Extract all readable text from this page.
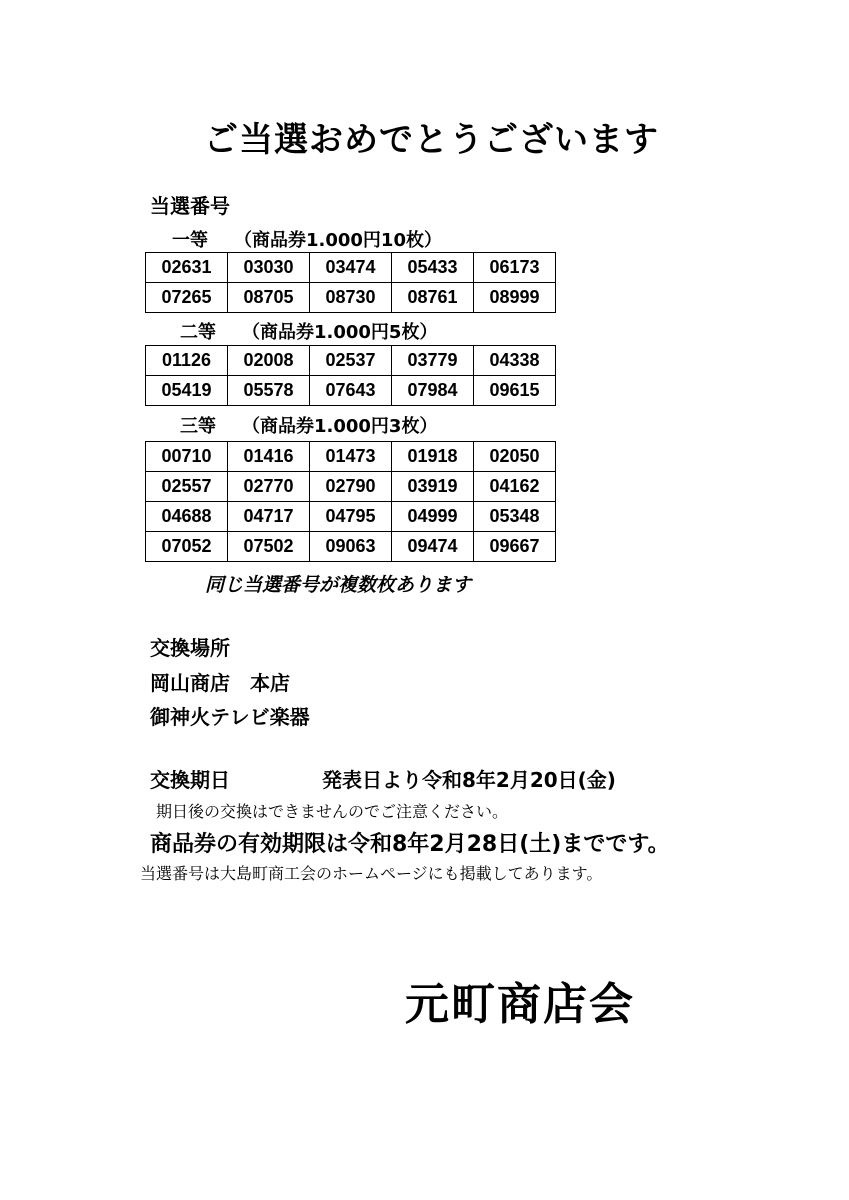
ご当選おめでとうございます
当選番号
一等 （商品券1.000円10枚）
02631	03030	03474	05433	06173
07265	08705	08730	08761	08999
二等 （商品券1.000円5枚）
01126	02008	02537	03779	04338
05419	05578	07643	07984	09615
三等 （商品券1.000円3枚）
00710	01416	01473	01918	02050
02557	02770	02790	03919	04162
04688	04717	04795	04999	05348
07052	07502	09063	09474	09667
同じ当選番号が複数枚あります
交換場所
岡山商店　本店
御神火テレビ楽器
交換期日	発表日より令和8年2月20日(金)
期日後の交換はできませんのでご注意ください。
商品券の有効期限は令和8年2月28日(土)までです。
当選番号は大島町商工会のホームページにも掲載してあります。
元町商店会
